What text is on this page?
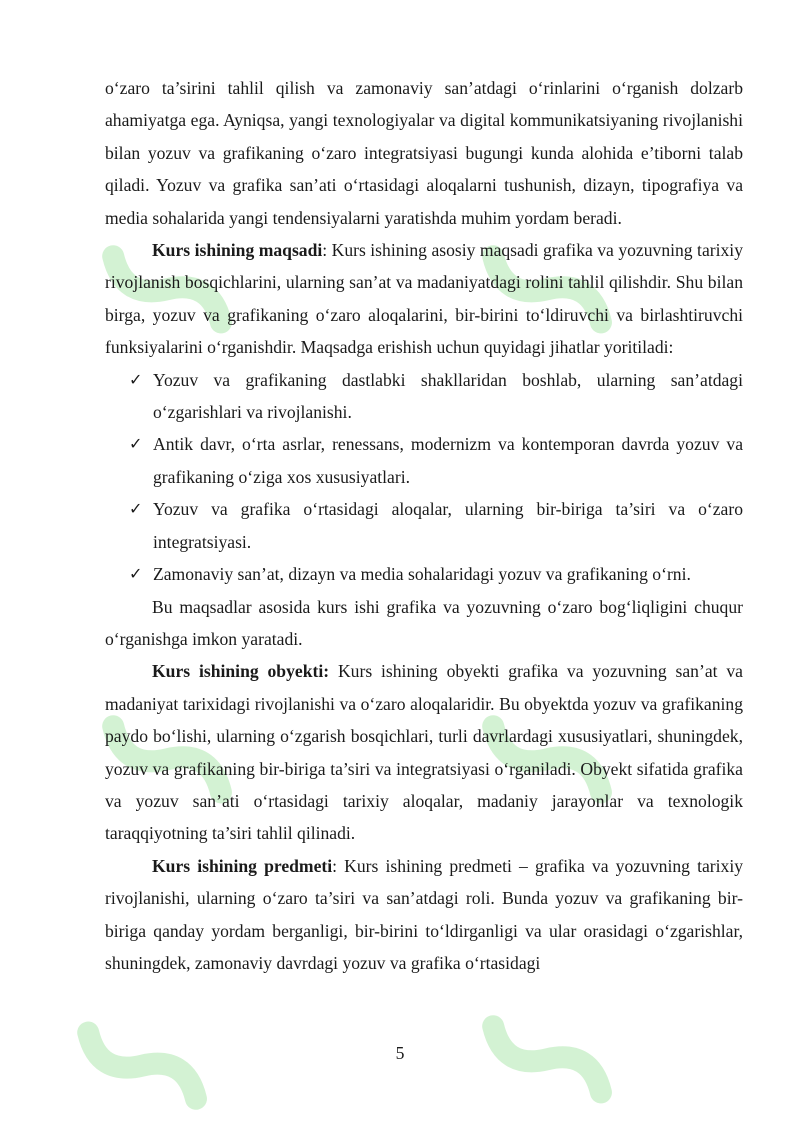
o‘zaro ta’sirini tahlil qilish va zamonaviy san’atdagi o‘rinlarini o‘rganish dolzarb ahamiyatga ega. Ayniqsa, yangi texnologiyalar va digital kommunikatsiyaning rivojlanishi bilan yozuv va grafikaning o‘zaro integratsiyasi bugungi kunda alohida e’tiborni talab qiladi. Yozuv va grafika san’ati o‘rtasidagi aloqalarni tushunish, dizayn, tipografiya va media sohalarida yangi tendensiyalarni yaratishda muhim yordam beradi.

Kurs ishining maqsadi: Kurs ishining asosiy maqsadi grafika va yozuvning tarixiy rivojlanish bosqichlarini, ularning san’at va madaniyatdagi rolini tahlil qilishdir. Shu bilan birga, yozuv va grafikaning o‘zaro aloqalarini, bir-birini to‘ldiruvchi va birlashtiruvchi funksiyalarini o‘rganishdir. Maqsadga erishish uchun quyidagi jihatlar yoritiladi:

✓ Yozuv va grafikaning dastlabki shakllaridan boshlab, ularning san’atdagi o‘zgarishlari va rivojlanishi.
✓ Antik davr, o‘rta asrlar, renessans, modernizm va kontemporan davrda yozuv va grafikaning o‘ziga xos xususiyatlari.
✓ Yozuv va grafika o‘rtasidagi aloqalar, ularning bir-biriga ta’siri va o‘zaro integratsiyasi.
✓ Zamonaviy san’at, dizayn va media sohalaridagi yozuv va grafikaning o‘rni.

Bu maqsadlar asosida kurs ishi grafika va yozuvning o‘zaro bog‘liqligini chuqur o‘rganishga imkon yaratadi.

Kurs ishining obyekti: Kurs ishining obyekti grafika va yozuvning san’at va madaniyat tarixidagi rivojlanishi va o‘zaro aloqalaridir. Bu obyektda yozuv va grafikaning paydo bo‘lishi, ularning o‘zgarish bosqichlari, turli davrlardagi xususiyatlari, shuningdek, yozuv va grafikaning bir-biriga ta’siri va integratsiyasi o‘rganiladi. Obyekt sifatida grafika va yozuv san’ati o‘rtasidagi tarixiy aloqalar, madaniy jarayonlar va texnologik taraqqiyotning ta’siri tahlil qilinadi.

Kurs ishining predmeti: Kurs ishining predmeti – grafika va yozuvning tarixiy rivojlanishi, ularning o‘zaro ta’siri va san’atdagi roli. Bunda yozuv va grafikaning bir-biriga qanday yordam berganligi, bir-birini to‘ldirganligi va ular orasidagi o‘zgarishlar, shuningdek, zamonaviy davrdagi yozuv va grafika o‘rtasidagi

5
